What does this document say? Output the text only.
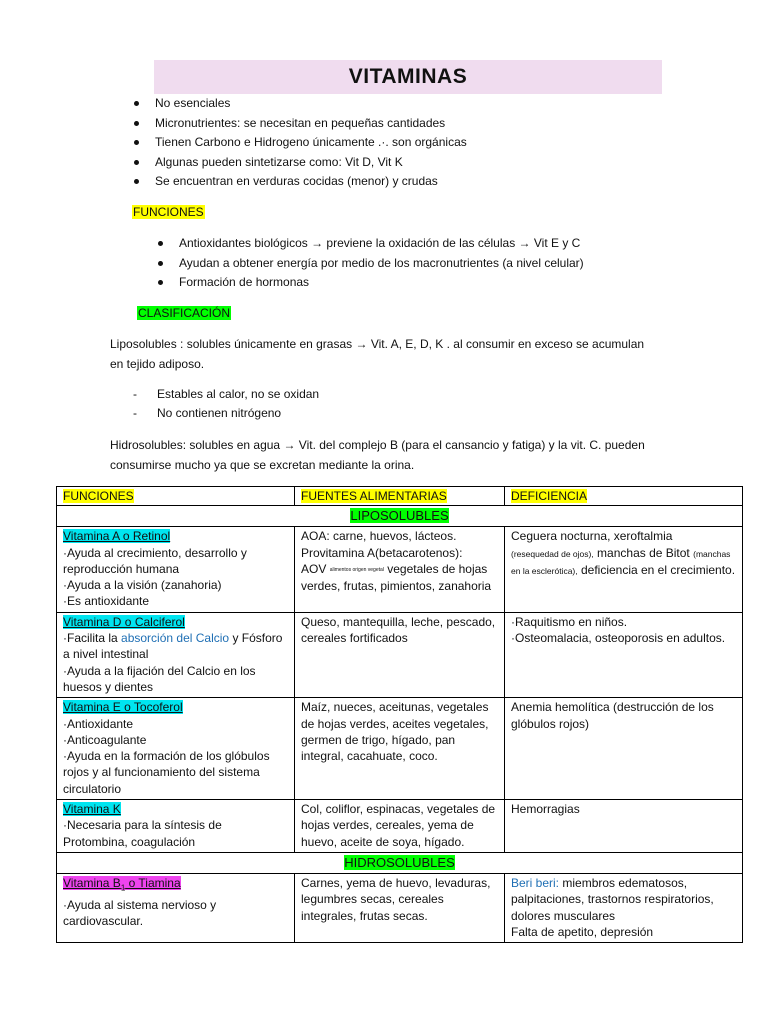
VITAMINAS
No esenciales
Micronutrientes: se necesitan en pequeñas cantidades
Tienen Carbono e Hidrogeno únicamente .·. son orgánicas
Algunas pueden sintetizarse como: Vit D, Vit K
Se encuentran en verduras cocidas (menor) y crudas
FUNCIONES
Antioxidantes biológicos → previene la oxidación de las células → Vit E y C
Ayudan a obtener energía por medio de los macronutrientes (a nivel celular)
Formación de hormonas
CLASIFICACIÓN
Liposolubles : solubles únicamente en grasas → Vit. A, E, D, K . al consumir en exceso se acumulan en tejido adiposo.
- Estables al calor, no se oxidan
- No contienen nitrógeno
Hidrosolubles: solubles en agua → Vit. del complejo B (para el cansancio y fatiga) y la vit. C. pueden consumirse mucho ya que se excretan mediante la orina.
FUNCIONES	FUENTES ALIMENTARIAS	DEFICIENCIA
LIPOSOLUBLES		
Vitamina A o Retinol
·Ayuda al crecimiento, desarrollo y reproducción humana
·Ayuda a la visión (zanahoria)
·Es antioxidante	AOA: carne, huevos, lácteos.
Provitamina A(betacarotenos):
AOV alimentos origen vegetal vegetales de hojas verdes, frutas, pimientos, zanahoria	Ceguera nocturna, xeroftalmia
(resequedad de ojos), manchas de Bitot (manchas en la esclerótica), deficiencia en el crecimiento.
Vitamina D o Calciferol
·Facilita la absorción del Calcio y Fósforo a nivel intestinal
·Ayuda a la fijación del Calcio en los huesos y dientes	Queso, mantequilla, leche, pescado, cereales fortificados	·Raquitismo en niños.
·Osteomalacia, osteoporosis en adultos.

Vitamina E o Tocoferol
·Antioxidante
·Anticoagulante
·Ayuda en la formación de los glóbulos rojos y al funcionamiento del sistema circulatorio	Maíz, nueces, aceitunas, vegetales de hojas verdes, aceites vegetales, germen de trigo, hígado, pan integral, cacahuate, coco.	Anemia hemolítica (destrucción de los glóbulos rojos)
Vitamina K
·Necesaria para la síntesis de Protombina, coagulación	Col, coliflor, espinacas, vegetales de hojas verdes, cereales, yema de huevo, aceite de soya, hígado.	Hemorragias
HIDROSOLUBLES		
Vitamina $B_1$ o Tiamina
·Ayuda al sistema nervioso y cardiovascular.	Carnes, yema de huevo, levaduras, legumbres secas, cereales integrales, frutas secas.	Beri beri: miembros edematosos, palpitaciones, trastornos respiratorios, dolores musculares
Falta de apetito, depresión
